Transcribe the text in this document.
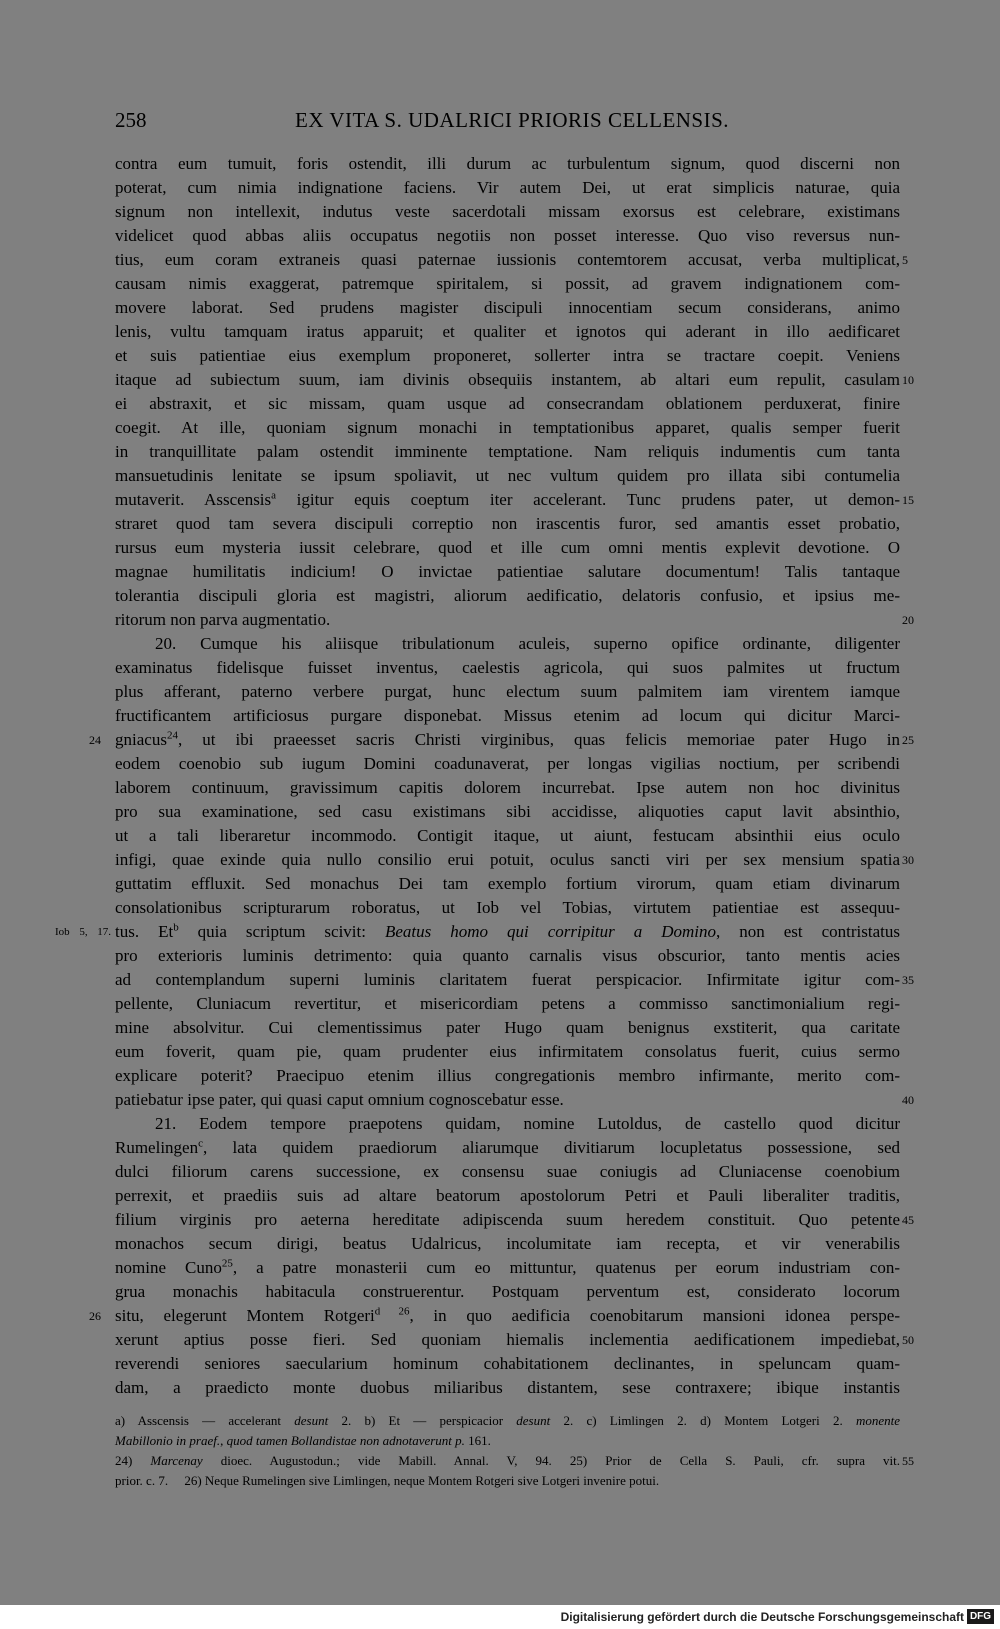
258	EX VITA S. UDALRICI PRIORIS CELLENSIS.
contra eum tumuit, foris ostendit, illi durum ac turbulentum signum, quod discerni non
poterat, cum nimia indignatione faciens. Vir autem Dei, ut erat simplicis naturae, quia
signum non intellexit, indutus veste sacerdotali missam exorsus est celebrare, existimans
videlicet quod abbas aliis occupatus negotiis non posset interesse. Quo viso reversus nun-
tius, eum coram extraneis quasi paternae iussionis contemtorem accusat, verba multiplicat, 5
causam nimis exaggerat, patremque spiritalem, si possit, ad gravem indignationem com-
movere laborat. Sed prudens magister discipuli innocentiam secum considerans, animo
lenis, vultu tamquam iratus apparuit; et qualiter et ignotos qui aderant in illo aedificaret
et suis patientiae eius exemplum proponeret, sollerter intra se tractare coepit. Veniens
itaque ad subiectum suum, iam divinis obsequiis instantem, ab altari eum repulit, casulam 10
ei abstraxit, et sic missam, quam usque ad consecrandam oblationem perduxerat, finire
coegit. At ille, quoniam signum monachi in temptationibus apparet, qualis semper fuerit
in tranquillitate palam ostendit imminente temptatione. Nam reliquis indumentis cum tanta
mansuetudinis lenitate se ipsum spoliavit, ut nec vultum quidem pro illata sibi contumelia
mutaverit. Asscensis$^a$ igitur equis coeptum iter accelerant. Tunc prudens pater, ut demon- 15
straret quod tam severa discipuli correptio non irascentis furor, sed amantis esset probatio,
rursus eum mysteria iussit celebrare, quod et ille cum omni mentis explevit devotione. O
magnae humilitatis indicium! O invictae patientiae salutare documentum! Talis tantaque
tolerantia discipuli gloria est magistri, aliorum aedificatio, delatoris confusio, et ipsius me-
ritorum non parva augmentatio.	20
20. Cumque his aliisque tribulationum aculeis, superno opifice ordinante, diligenter
examinatus fidelisque fuisset inventus, caelestis agricola, qui suos palmites ut fructum
plus afferant, paterno verbere purgat, hunc electum suum palmitem iam virentem iamque
fructificantem artificiosus purgare disponebat. Missus etenim ad locum qui dicitur Marci-
24 gniacus$^{24}$, ut ibi praeesset sacris Christi virginibus, quas felicis memoriae pater Hugo in 25
eodem coenobio sub iugum Domini coadunaverat, per longas vigilias noctium, per scribendi
laborem continuum, gravissimum capitis dolorem incurrebat. Ipse autem non hoc divinitus
pro sua examinatione, sed casu existimans sibi accidisse, aliquoties caput lavit absinthio,
ut a tali liberaretur incommodo. Contigit itaque, ut aiunt, festucam absinthii eius oculo
infigi, quae exinde quia nullo consilio erui potuit, oculus sancti viri per sex mensium spatia 30
guttatim effluxit. Sed monachus Dei tam exemplo fortium virorum, quam etiam divinarum
consolationibus scripturarum roboratus, ut Iob vel Tobias, virtutem patientiae est assequu-
Iob 5, 17. tus. Et$^b$ quia scriptum scivit: Beatus homo qui corripitur a Domino, non est contristatus
pro exterioris luminis detrimento: quia quanto carnalis visus obscurior, tanto mentis acies
ad contemplandum superni luminis claritatem fuerat perspicacior. Infirmitate igitur com- 35
pellente, Cluniacum revertitur, et misericordiam petens a commisso sanctimonialium regi-
mine absolvitur. Cui clementissimus pater Hugo quam benignus exstiterit, qua caritate
eum foverit, quam pie, quam prudenter eius infirmitatem consolatus fuerit, cuius sermo
explicare poterit? Praecipuo etenim illius congregationis membro infirmante, merito com-
patiebatur ipse pater, qui quasi caput omnium cognoscebatur esse.	40
21. Eodem tempore praepotens quidam, nomine Lutoldus, de castello quod dicitur
Rumelingen$^c$, lata quidem praediorum aliarumque divitiarum locupletatus possessione, sed
dulci filiorum carens successione, ex consensu suae coniugis ad Cluniacense coenobium
perrexit, et praediis suis ad altare beatorum apostolorum Petri et Pauli liberaliter traditis,
filium virginis pro aeterna hereditate adipiscenda suum heredem constituit. Quo petente 45
monachos secum dirigi, beatus Udalricus, incolumitate iam recepta, et vir venerabilis
nomine Cuno$^{25}$, a patre monasterii cum eo mittuntur, quatenus per eorum industriam con-
grua monachis habitacula construerentur. Postquam perventum est, considerato locorum
26 situ, elegerunt Montem Rotgeri$^{d 26}$, in quo aedificia coenobitarum mansioni idonea perspe-
xerunt aptius posse fieri. Sed quoniam hiemalis inclementia aedificationem impediebat, 50
reverendi seniores saecularium hominum cohabitationem declinantes, in speluncam quam-
dam, a praedicto monte duobus miliaribus distantem, sese contraxere; ibique instantis
a) Asscensis — accelerant desunt 2. b) Et — perspicacior desunt 2. c) Limlingen 2. d) Montem Lotgeri 2. monente
Mabillonio in praef., quod tamen Bollandistae non adnotaverunt p. 161.
24) Marcenay dioec. Augustodun.; vide Mabill. Annal. V, 94. 25) Prior de Cella S. Pauli, cfr. supra vit. 55
prior. c. 7. 26) Neque Rumelingen sive Limlingen, neque Montem Rotgeri sive Lotgeri invenire potui.
Digitalisierung gefördert durch die Deutsche Forschungsgemeinschaft DFG
